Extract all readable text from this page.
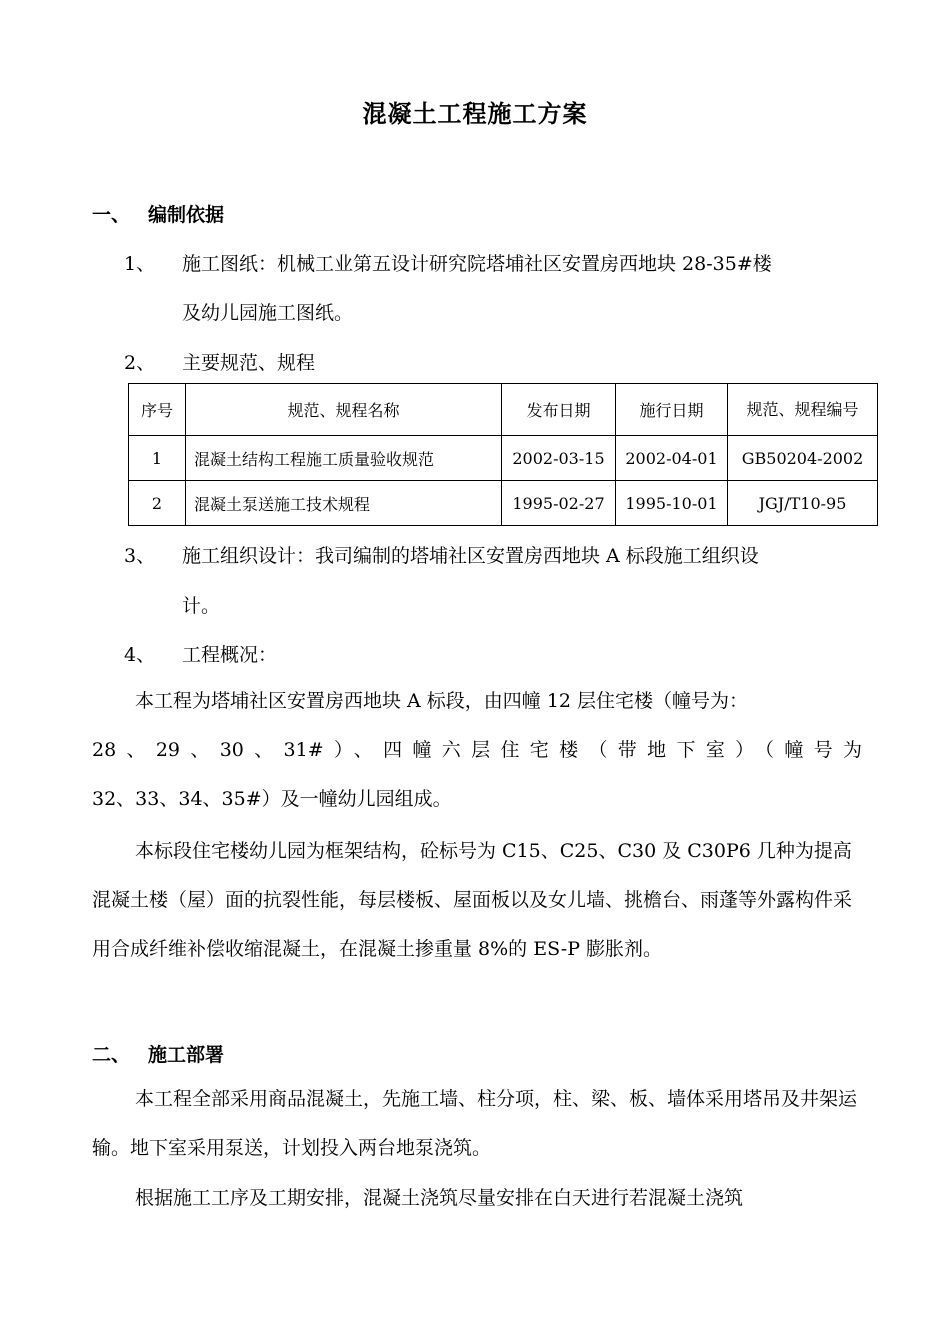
混凝土工程施工方案
一、 编制依据
1、 施工图纸：机械工业第五设计研究院塔埔社区安置房西地块 28-35#楼
及幼儿园施工图纸。
2、 主要规范、规程
序号	规范、规程名称	发布日期	施行日期	规范、规程编号
1	混凝土结构工程施工质量验收规范	2002-03-15	2002-04-01	GB50204-2002
2	混凝土泵送施工技术规程	1995-02-27	1995-10-01	JGJ/T10-95
3、 施工组织设计：我司编制的塔埔社区安置房西地块 A 标段施工组织设
计。
4、 工程概况：
本工程为塔埔社区安置房西地块 A 标段，由四幢 12 层住宅楼（幢号为：
28、29、30、31#）、四幢六层住宅楼（带地下室）（幢号为
32、33、34、35#）及一幢幼儿园组成。
本标段住宅楼幼儿园为框架结构，砼标号为 C15、C25、C30 及 C30P6 几种为提高混凝土楼（屋）面的抗裂性能，每层楼板、屋面板以及女儿墙、挑檐台、雨蓬等外露构件采用合成纤维补偿收缩混凝土，在混凝土掺重量 8%的 ES-P 膨胀剂。
二、 施工部署
本工程全部采用商品混凝土，先施工墙、柱分项，柱、梁、板、墙体采用塔吊及井架运输。地下室采用泵送，计划投入两台地泵浇筑。
根据施工工序及工期安排，混凝土浇筑尽量安排在白天进行若混凝土浇筑
